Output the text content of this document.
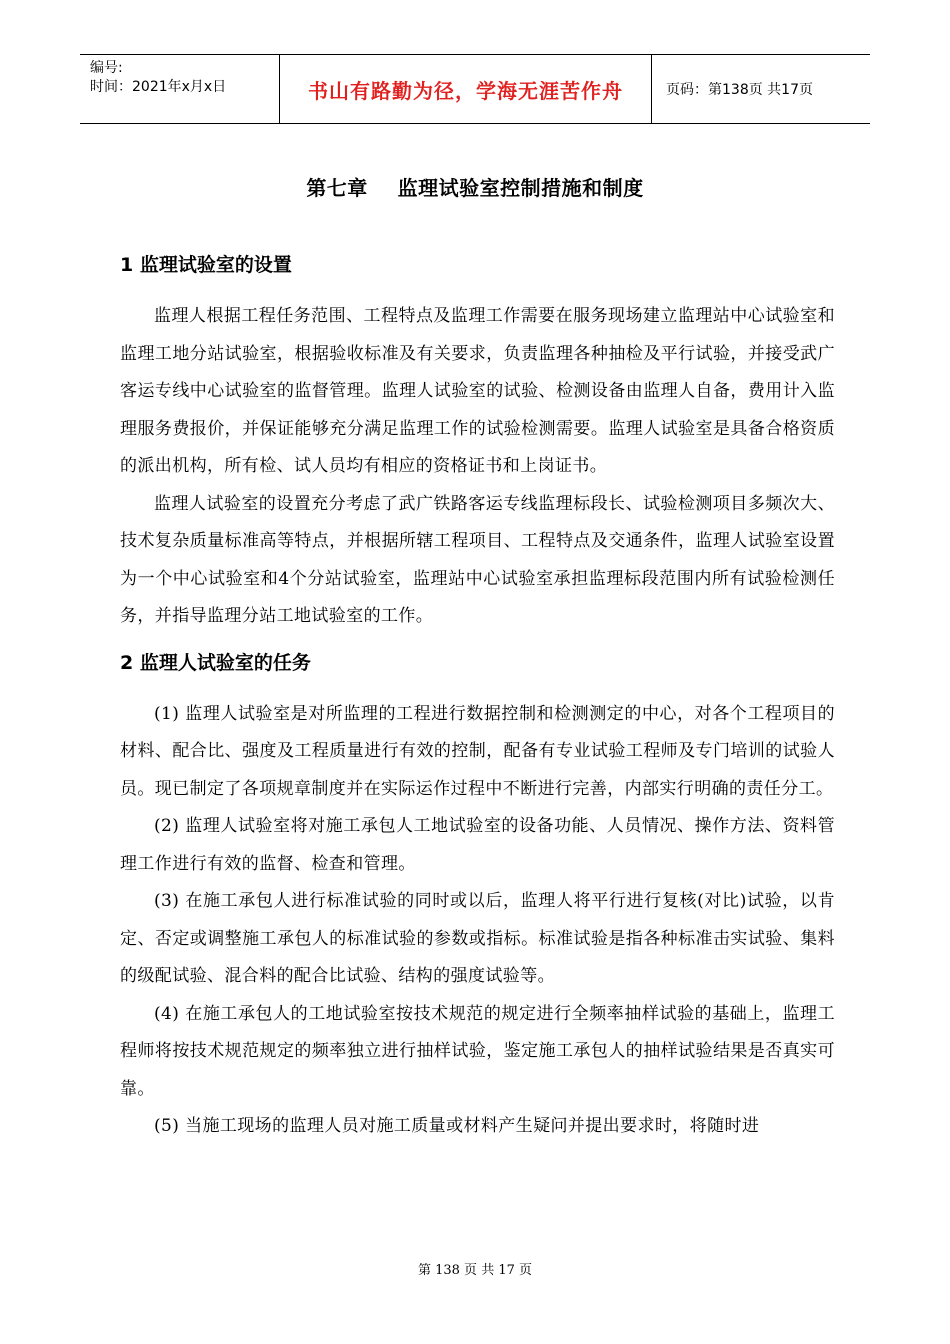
编号:
时间：2021年x月x日	书山有路勤为径，学海无涯苦作舟	页码：第138页 共17页
第七章    监理试验室控制措施和制度
1 监理试验室的设置

监理人根据工程任务范围、工程特点及监理工作需要在服务现场建立监理站中心试验室和监理工地分站试验室，根据验收标准及有关要求，负责监理各种抽检及平行试验，并接受武广客运专线中心试验室的监督管理。监理人试验室的试验、检测设备由监理人自备，费用计入监理服务费报价，并保证能够充分满足监理工作的试验检测需要。监理人试验室是具备合格资质的派出机构，所有检、试人员均有相应的资格证书和上岗证书。

监理人试验室的设置充分考虑了武广铁路客运专线监理标段长、试验检测项目多频次大、技术复杂质量标准高等特点，并根据所辖工程项目、工程特点及交通条件，监理人试验室设置为一个中心试验室和4个分站试验室，监理站中心试验室承担监理标段范围内所有试验检测任务，并指导监理分站工地试验室的工作。

2 监理人试验室的任务

(1) 监理人试验室是对所监理的工程进行数据控制和检测测定的中心，对各个工程项目的材料、配合比、强度及工程质量进行有效的控制，配备有专业试验工程师及专门培训的试验人员。现已制定了各项规章制度并在实际运作过程中不断进行完善，内部实行明确的责任分工。

(2) 监理人试验室将对施工承包人工地试验室的设备功能、人员情况、操作方法、资料管理工作进行有效的监督、检查和管理。

(3) 在施工承包人进行标准试验的同时或以后，监理人将平行进行复核(对比)试验，以肯定、否定或调整施工承包人的标准试验的参数或指标。标准试验是指各种标准击实试验、集料的级配试验、混合料的配合比试验、结构的强度试验等。

(4) 在施工承包人的工地试验室按技术规范的规定进行全频率抽样试验的基础上，监理工程师将按技术规范规定的频率独立进行抽样试验，鉴定施工承包人的抽样试验结果是否真实可靠。

(5) 当施工现场的监理人员对施工质量或材料产生疑问并提出要求时，将随时进

第 138 页 共 17 页
